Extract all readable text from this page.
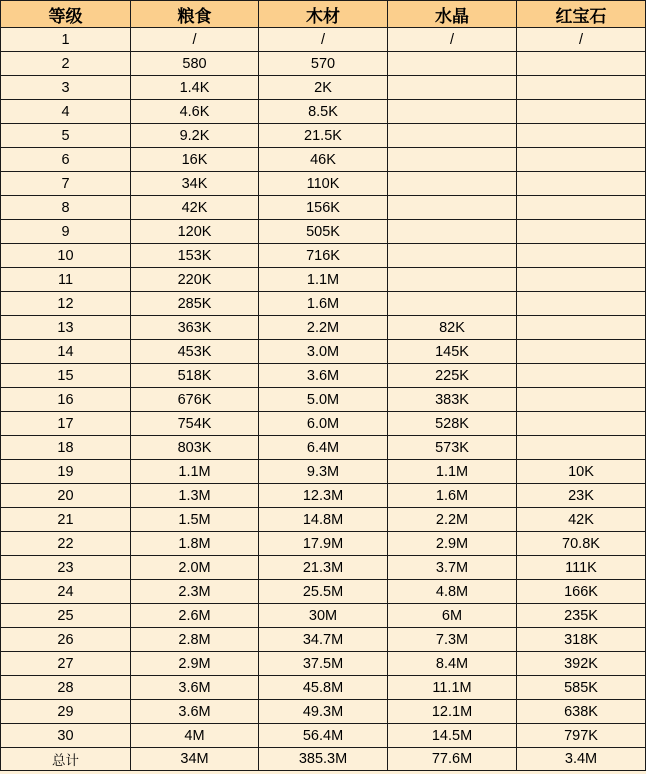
等级	粮食	木材	水晶	红宝石
1	/	/	/	/
2	580	570		
3	1.4K	2K		
4	4.6K	8.5K		
5	9.2K	21.5K		
6	16K	46K		
7	34K	110K		
8	42K	156K		
9	120K	505K		
10	153K	716K		
11	220K	1.1M		
12	285K	1.6M		
13	363K	2.2M	82K	
14	453K	3.0M	145K	
15	518K	3.6M	225K	
16	676K	5.0M	383K	
17	754K	6.0M	528K	
18	803K	6.4M	573K	
19	1.1M	9.3M	1.1M	10K
20	1.3M	12.3M	1.6M	23K
21	1.5M	14.8M	2.2M	42K
22	1.8M	17.9M	2.9M	70.8K
23	2.0M	21.3M	3.7M	111K
24	2.3M	25.5M	4.8M	166K
25	2.6M	30M	6M	235K
26	2.8M	34.7M	7.3M	318K
27	2.9M	37.5M	8.4M	392K
28	3.6M	45.8M	11.1M	585K
29	3.6M	49.3M	12.1M	638K
30	4M	56.4M	14.5M	797K
总计	34M	385.3M	77.6M	3.4M
